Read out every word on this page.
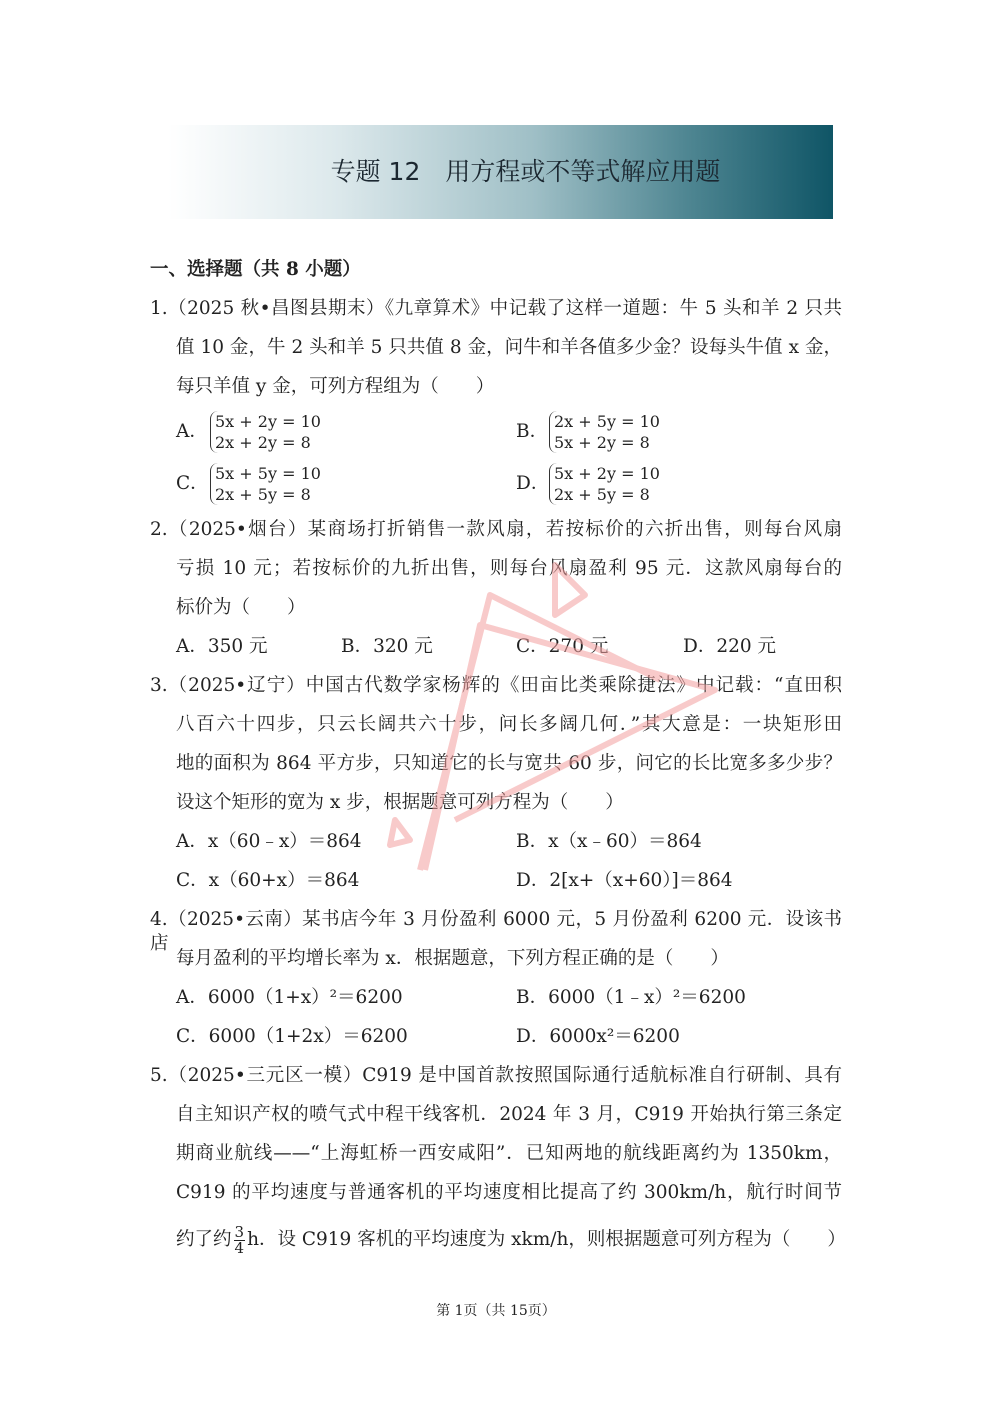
专题 12　用方程或不等式解应用题
一、选择题（共 8 小题）
1.（2025 秋•昌图县期末）《九章算术》中记载了这样一道题：牛 5 头和羊 2 只共
值 10 金，牛 2 头和羊 5 只共值 8 金，问牛和羊各值多少金？设每头牛值 x 金，
每只羊值 y 金，可列方程组为（　　）
A． 5x + 2y = 10
2x + 2y = 8
B． 2x + 5y = 10
5x + 2y = 8
C． 5x + 5y = 10
2x + 5y = 8
D． 5x + 2y = 10
2x + 5y = 8
2.（2025•烟台）某商场打折销售一款风扇，若按标价的六折出售，则每台风扇
亏损 10 元；若按标价的九折出售，则每台风扇盈利 95 元．这款风扇每台的
标价为（　　）
A．350 元	B．320 元	C．270 元	D．220 元
3.（2025•辽宁）中国古代数学家杨辉的《田亩比类乘除捷法》中记载：“直田积
八百六十四步，只云长阔共六十步，问长多阔几何．”其大意是：一块矩形田
地的面积为 864 平方步，只知道它的长与宽共 60 步，问它的长比宽多多少步？
设这个矩形的宽为 x 步，根据题意可列方程为（　　）
A．x（60﹣x）＝864	B．x（x﹣60）＝864
C．x（60+x）＝864	D．2[x+（x+60）]＝864
4.（2025•云南）某书店今年 3 月份盈利 6000 元，5 月份盈利 6200 元．设该书店
每月盈利的平均增长率为 x．根据题意，下列方程正确的是（　　）
A．6000（1+x）²＝6200	B．6000（1﹣x）²＝6200
C．6000（1+2x）＝6200	D．6000x²＝6200
5.（2025•三元区一模）C919 是中国首款按照国际通行适航标准自行研制、具有
自主知识产权的喷气式中程干线客机．2024 年 3 月，C919 开始执行第三条定
期商业航线——“上海虹桥一西安咸阳”．已知两地的航线距离约为 1350km，
C919 的平均速度与普通客机的平均速度相比提高了约 300km/h，航行时间节
约了约 $\frac{3}{4}$ h．设 C919 客机的平均速度为 xkm/h，则根据题意可列方程为（　　）
第 1页（共 15页）
